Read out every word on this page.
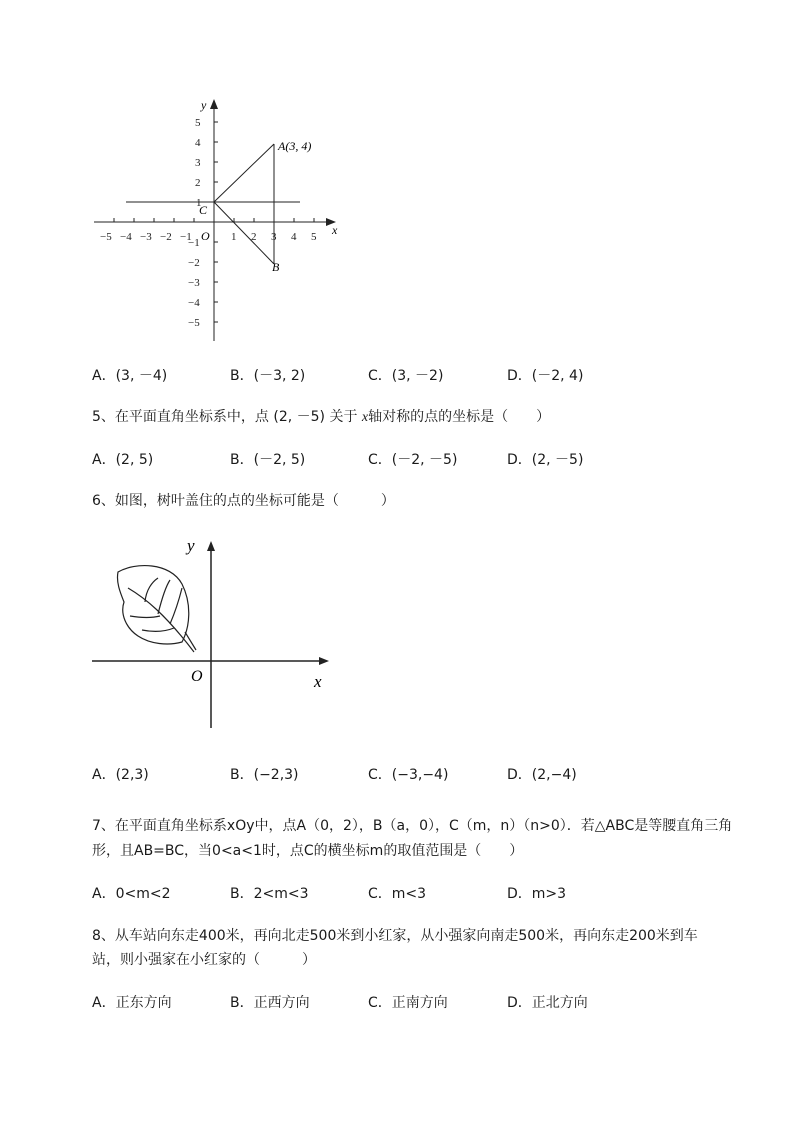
y
x
5
4
3
2
1
−1
−2
−3
−4
−5
−5 −4 −3 −2 −1	1 2 3 4 5
O
A(3, 4)
B
C
A．(3, －4)	B．(－3, 2)	C．(3, －2)	D．(－2, 4)
5、在平面直角坐标系中，点 (2, －5) 关于 x轴对称的点的坐标是（　　）
A．(2, 5)	B．(－2, 5)	C．(－2, －5)	D．(2, －5)
6、如图，树叶盖住的点的坐标可能是（　　　）
y
x
O
A．(2,3)	B．(−2,3)	C．(−3,−4)	D．(2,−4)
7、在平面直角坐标系xOy中，点A（0，2），B（a，0），C（m，n）（n>0）．若△ABC是等腰直角三角
形，且AB=BC，当0<a<1时，点C的横坐标m的取值范围是（　　）
A．0<m<2	B．2<m<3	C．m<3	D．m>3
8、从车站向东走400米，再向北走500米到小红家，从小强家向南走500米，再向东走200米到车
站，则小强家在小红家的（　　　）
A．正东方向	B．正西方向	C．正南方向	D．正北方向
